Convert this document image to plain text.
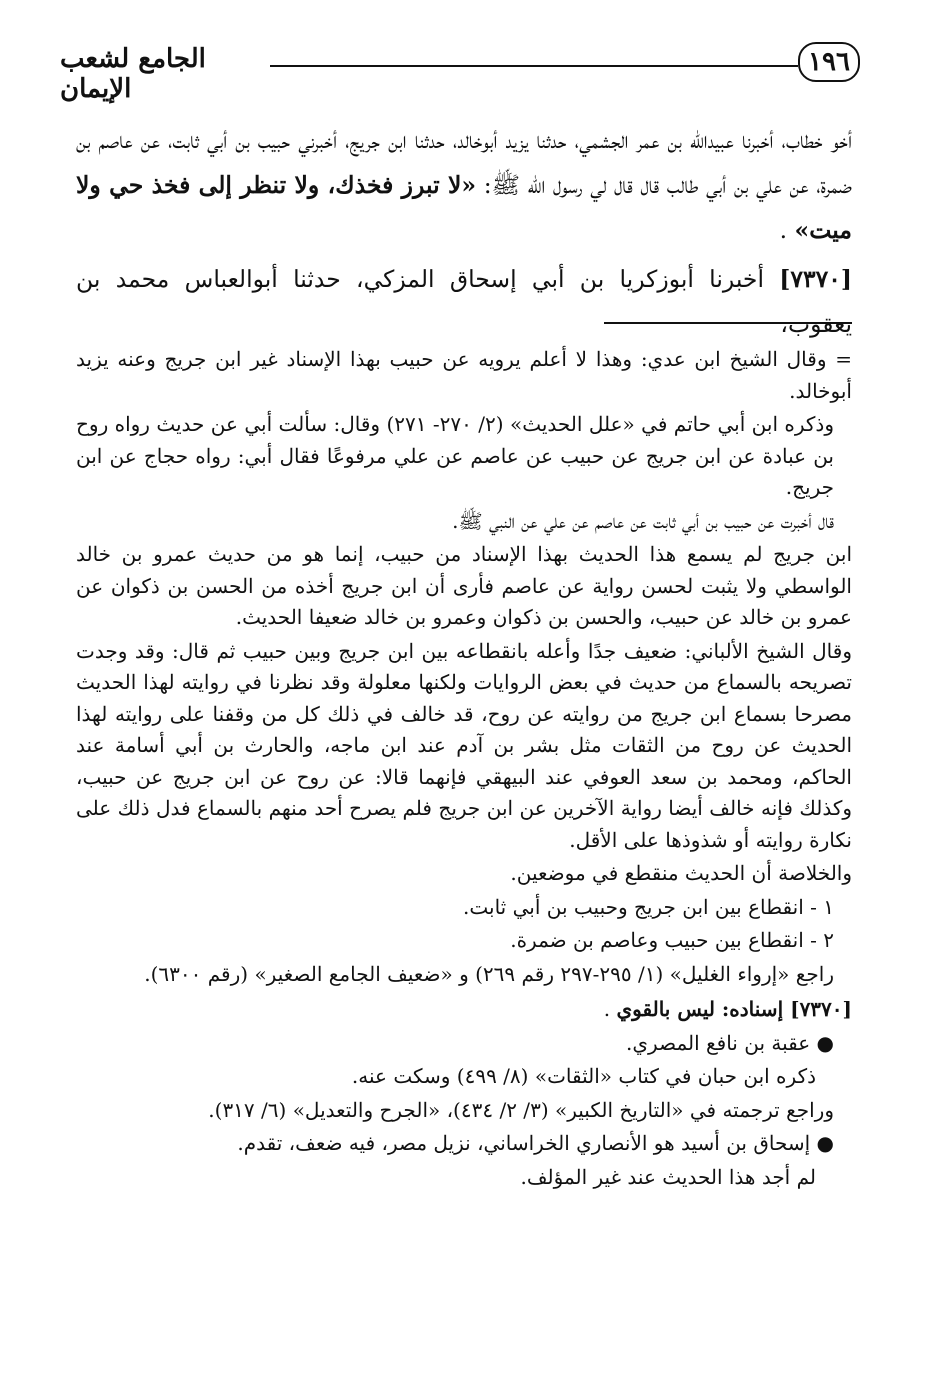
١٩٦
الجامع لشعب الإيمان

أخو خطاب، أخبرنا عبيدالله بن عمر الجشمي، حدثنا يزيد أبوخالد، حدثنا ابن جريج، أخبرني حبيب بن أبي ثابت، عن عاصم بن ضمرة، عن علي بن أبي طالب قال قال لي رسول الله ﷺ: «لا تبرز فخذك، ولا تنظر إلى فخذ حي ولا ميت» .

[٧٣٧٠] أخبرنا أبوزكريا بن أبي إسحاق المزكي، حدثنا أبوالعباس محمد بن يعقوب،

= وقال الشيخ ابن عدي: وهذا لا أعلم يرويه عن حبيب بهذا الإسناد غير ابن جريج وعنه يزيد أبوخالد.

وذكره ابن أبي حاتم في «علل الحديث» (٢/ ٢٧٠- ٢٧١) وقال: سألت أبي عن حديث رواه روح بن عبادة عن ابن جريج عن حبيب عن عاصم عن علي مرفوعًا فقال أبي: رواه حجاج عن ابن جريج.

قال أخبرت عن حبيب بن أبي ثابت عن عاصم عن علي عن النبي ﷺ.

ابن جريج لم يسمع هذا الحديث بهذا الإسناد من حبيب، إنما هو من حديث عمرو بن خالد الواسطي ولا يثبت لحسن رواية عن عاصم فأرى أن ابن جريج أخذه من الحسن بن ذكوان عن عمرو بن خالد عن حبيب، والحسن بن ذكوان وعمرو بن خالد ضعيفا الحديث.

وقال الشيخ الألباني: ضعيف جدًا وأعله بانقطاعه بين ابن جريج وبين حبيب ثم قال: وقد وجدت تصريحه بالسماع من حديث في بعض الروايات ولكنها معلولة وقد نظرنا في روايته لهذا الحديث مصرحا بسماع ابن جريج من روايته عن روح، قد خالف في ذلك كل من وقفنا على روايته لهذا الحديث عن روح من الثقات مثل بشر بن آدم عند ابن ماجه، والحارث بن أبي أسامة عند الحاكم، ومحمد بن سعد العوفي عند البيهقي فإنهما قالا: عن روح عن ابن جريج عن حبيب، وكذلك فإنه خالف أيضا رواية الآخرين عن ابن جريج فلم يصرح أحد منهم بالسماع فدل ذلك على نكارة روايته أو شذوذها على الأقل.

والخلاصة أن الحديث منقطع في موضعين.

١ - انقطاع بين ابن جريج وحبيب بن أبي ثابت.

٢ - انقطاع بين حبيب وعاصم بن ضمرة.

راجع «إرواء الغليل» (١/ ٢٩٥-٢٩٧ رقم ٢٦٩) و «ضعيف الجامع الصغير» (رقم ٦٣٠٠).

[٧٣٧٠] إسناده: ليس بالقوي .

● عقبة بن نافع المصري.

ذكره ابن حبان في كتاب «الثقات» (٨/ ٤٩٩) وسكت عنه.

وراجع ترجمته في «التاريخ الكبير» (٣/ ٢/ ٤٣٤)، «الجرح والتعديل» (٦/ ٣١٧).

● إسحاق بن أسيد هو الأنصاري الخراساني، نزيل مصر، فيه ضعف، تقدم.

لم أجد هذا الحديث عند غير المؤلف.
